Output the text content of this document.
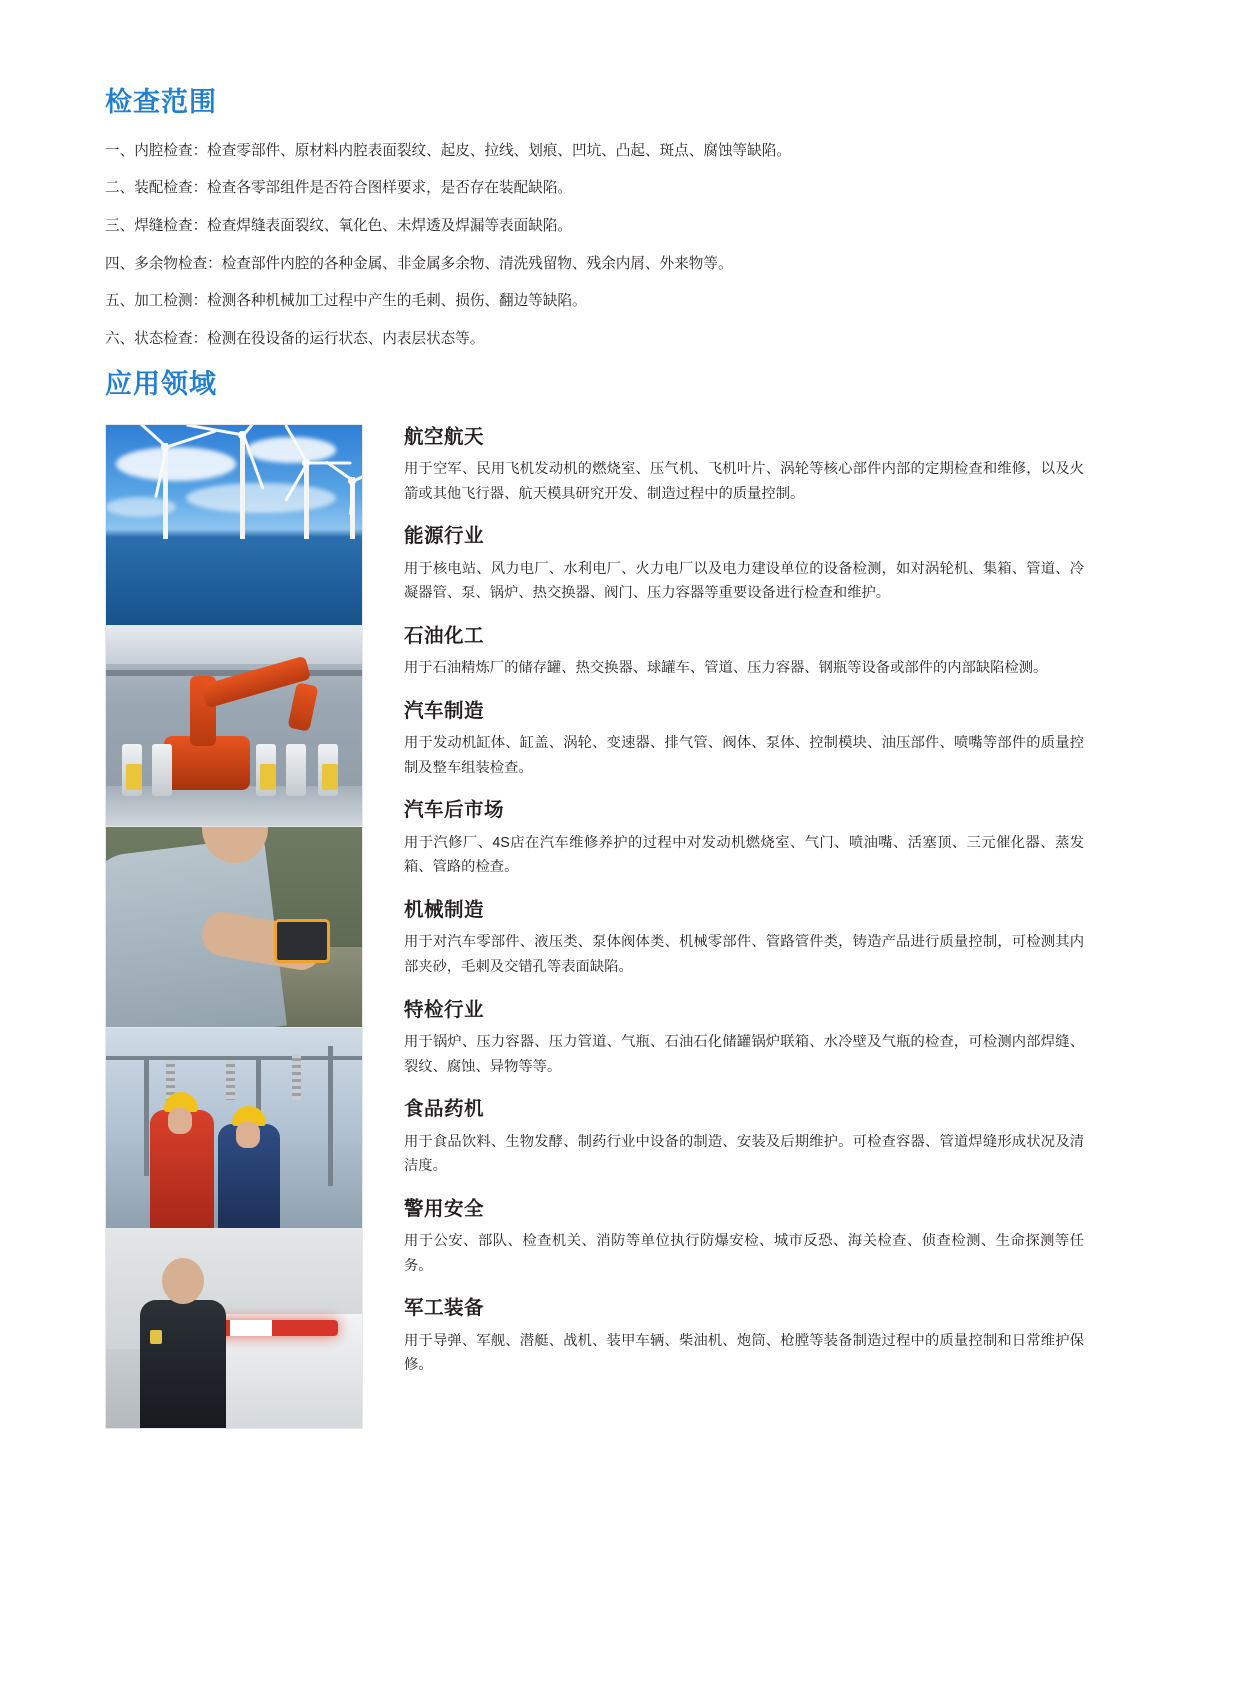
检查范围
一、内腔检查：检查零部件、原材料内腔表面裂纹、起皮、拉线、划痕、凹坑、凸起、斑点、腐蚀等缺陷。
二、装配检查：检查各零部组件是否符合图样要求，是否存在装配缺陷。
三、焊缝检查：检查焊缝表面裂纹、氧化色、未焊透及焊漏等表面缺陷。
四、多余物检查：检查部件内腔的各种金属、非金属多余物、清洗残留物、残余内屑、外来物等。
五、加工检测：检测各种机械加工过程中产生的毛刺、损伤、翻边等缺陷。
六、状态检查：检测在役设备的运行状态、内表层状态等。
应用领域
航空航天

用于空军、民用飞机发动机的燃烧室、压气机、飞机叶片、涡轮等核心部件内部的定期检查和维修，以及火箭或其他飞行器、航天模具研究开发、制造过程中的质量控制。

能源行业

用于核电站、风力电厂、水利电厂、火力电厂以及电力建设单位的设备检测，如对涡轮机、集箱、管道、冷凝器管、泵、锅炉、热交换器、阀门、压力容器等重要设备进行检查和维护。

石油化工

用于石油精炼厂的储存罐、热交换器、球罐车、管道、压力容器、钢瓶等设备或部件的内部缺陷检测。

汽车制造

用于发动机缸体、缸盖、涡轮、变速器、排气管、阀体、泵体、控制模块、油压部件、喷嘴等部件的质量控制及整车组装检查。

汽车后市场

用于汽修厂、4S店在汽车维修养护的过程中对发动机燃烧室、气门、喷油嘴、活塞顶、三元催化器、蒸发箱、管路的检查。

机械制造

用于对汽车零部件、液压类、泵体阀体类、机械零部件、管路管件类，铸造产品进行质量控制，可检测其内部夹砂，毛刺及交错孔等表面缺陷。

特检行业

用于锅炉、压力容器、压力管道、气瓶、石油石化储罐锅炉联箱、水冷壁及气瓶的检查，可检测内部焊缝、裂纹、腐蚀、异物等等。

食品药机

用于食品饮料、生物发酵、制药行业中设备的制造、安装及后期维护。可检查容器、管道焊缝形成状况及清洁度。

警用安全

用于公安、部队、检查机关、消防等单位执行防爆安检、城市反恐、海关检查、侦查检测、生命探测等任务。

军工装备

用于导弹、军舰、潜艇、战机、装甲车辆、柴油机、炮筒、枪膛等装备制造过程中的质量控制和日常维护保修。
